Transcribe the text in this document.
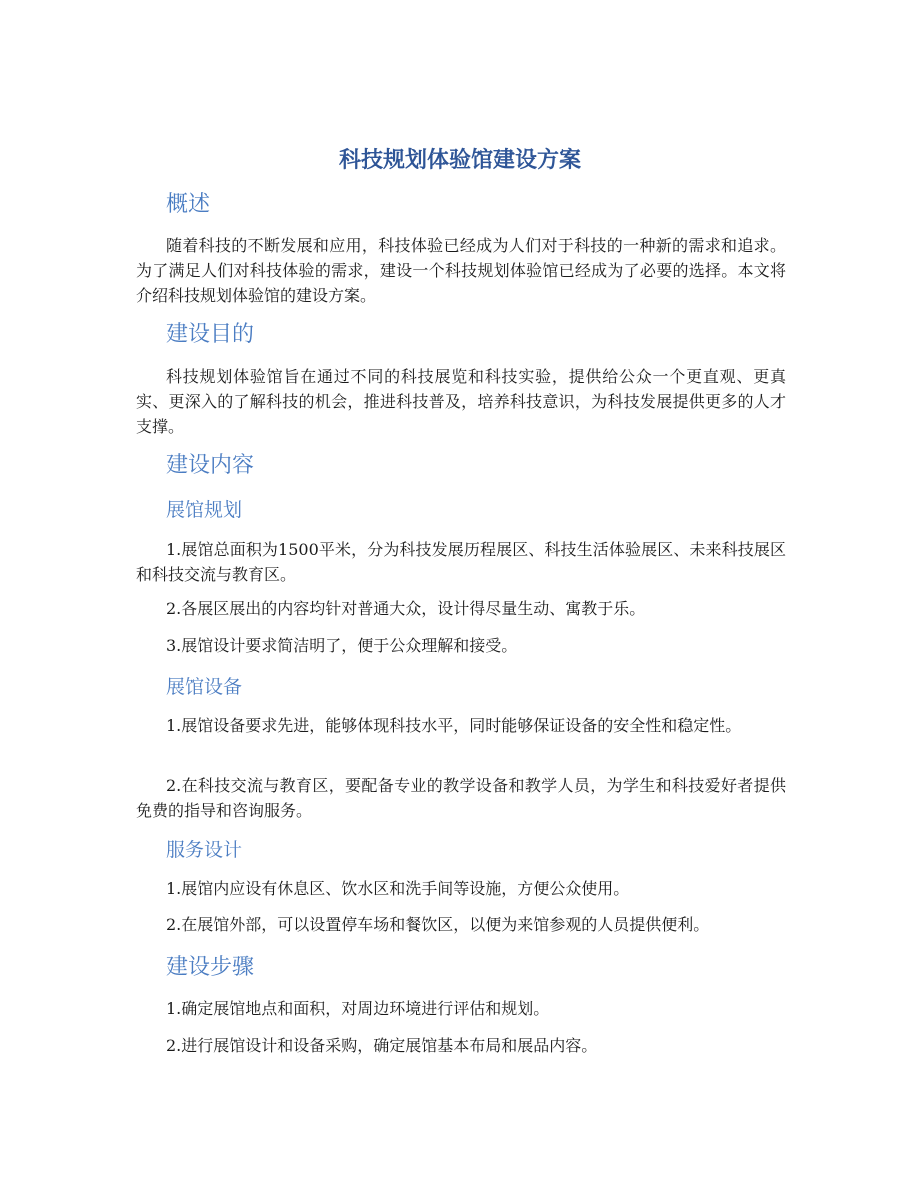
科技规划体验馆建设方案
概述

随着科技的不断发展和应用，科技体验已经成为人们对于科技的一种新的需求和追求。为了满足人们对科技体验的需求，建设一个科技规划体验馆已经成为了必要的选择。本文将介绍科技规划体验馆的建设方案。

建设目的

科技规划体验馆旨在通过不同的科技展览和科技实验，提供给公众一个更直观、更真实、更深入的了解科技的机会，推进科技普及，培养科技意识，为科技发展提供更多的人才支撑。

建设内容
展馆规划

1.展馆总面积为1500平米，分为科技发展历程展区、科技生活体验展区、未来科技展区和科技交流与教育区。

2.各展区展出的内容均针对普通大众，设计得尽量生动、寓教于乐。

3.展馆设计要求简洁明了，便于公众理解和接受。

展馆设备

1.展馆设备要求先进，能够体现科技水平，同时能够保证设备的安全性和稳定性。

2.在科技交流与教育区，要配备专业的教学设备和教学人员，为学生和科技爱好者提供免费的指导和咨询服务。

服务设计

1.展馆内应设有休息区、饮水区和洗手间等设施，方便公众使用。

2.在展馆外部，可以设置停车场和餐饮区，以便为来馆参观的人员提供便利。

建设步骤

1.确定展馆地点和面积，对周边环境进行评估和规划。

2.进行展馆设计和设备采购，确定展馆基本布局和展品内容。
